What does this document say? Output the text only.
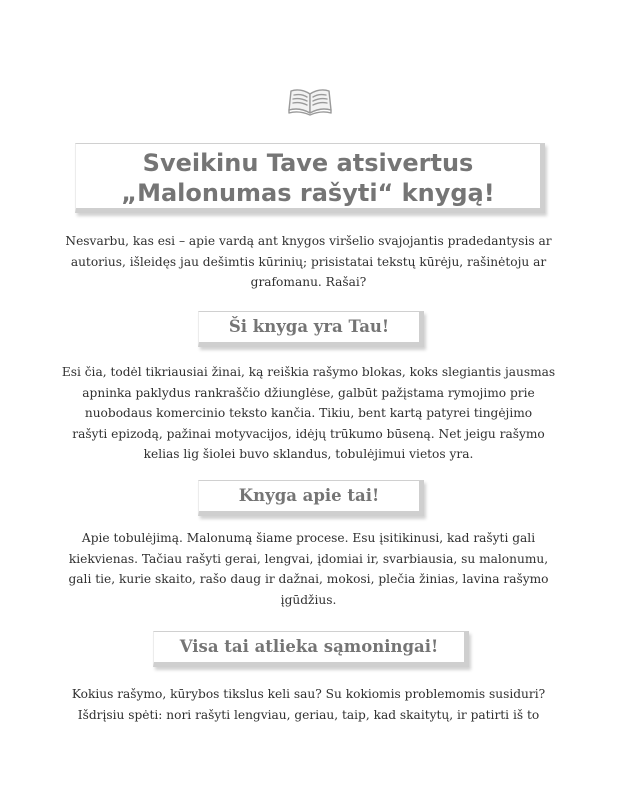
Sveikinu Tave atsivertus
„Malonumas rašyti“ knygą!
Nesvarbu, kas esi – apie vardą ant knygos viršelio svajojantis pradedantysis ar
autorius, išleidęs jau dešimtis kūrinių; prisistatai tekstų kūrėju, rašinėtoju ar
grafomanu. Rašai?
Ši knyga yra Tau!
Esi čia, todėl tikriausiai žinai, ką reiškia rašymo blokas, koks slegiantis jausmas
apninka paklydus rankraščio džiunglėse, galbūt pažįstama rymojimo prie
nuobodaus komercinio teksto kančia. Tikiu, bent kartą patyrei tingėjimo
rašyti epizodą, pažinai motyvacijos, idėjų trūkumo būseną. Net jeigu rašymo
kelias lig šiolei buvo sklandus, tobulėjimui vietos yra.
Knyga apie tai!
Apie tobulėjimą. Malonumą šiame procese. Esu įsitikinusi, kad rašyti gali
kiekvienas. Tačiau rašyti gerai, lengvai, įdomiai ir, svarbiausia, su malonumu,
gali tie, kurie skaito, rašo daug ir dažnai, mokosi, plečia žinias, lavina rašymo
įgūdžius.
Visa tai atlieka sąmoningai!
Kokius rašymo, kūrybos tikslus keli sau? Su kokiomis problemomis susiduri?
Išdrįsiu spėti: nori rašyti lengviau, geriau, taip, kad skaitytų, ir patirti iš to
